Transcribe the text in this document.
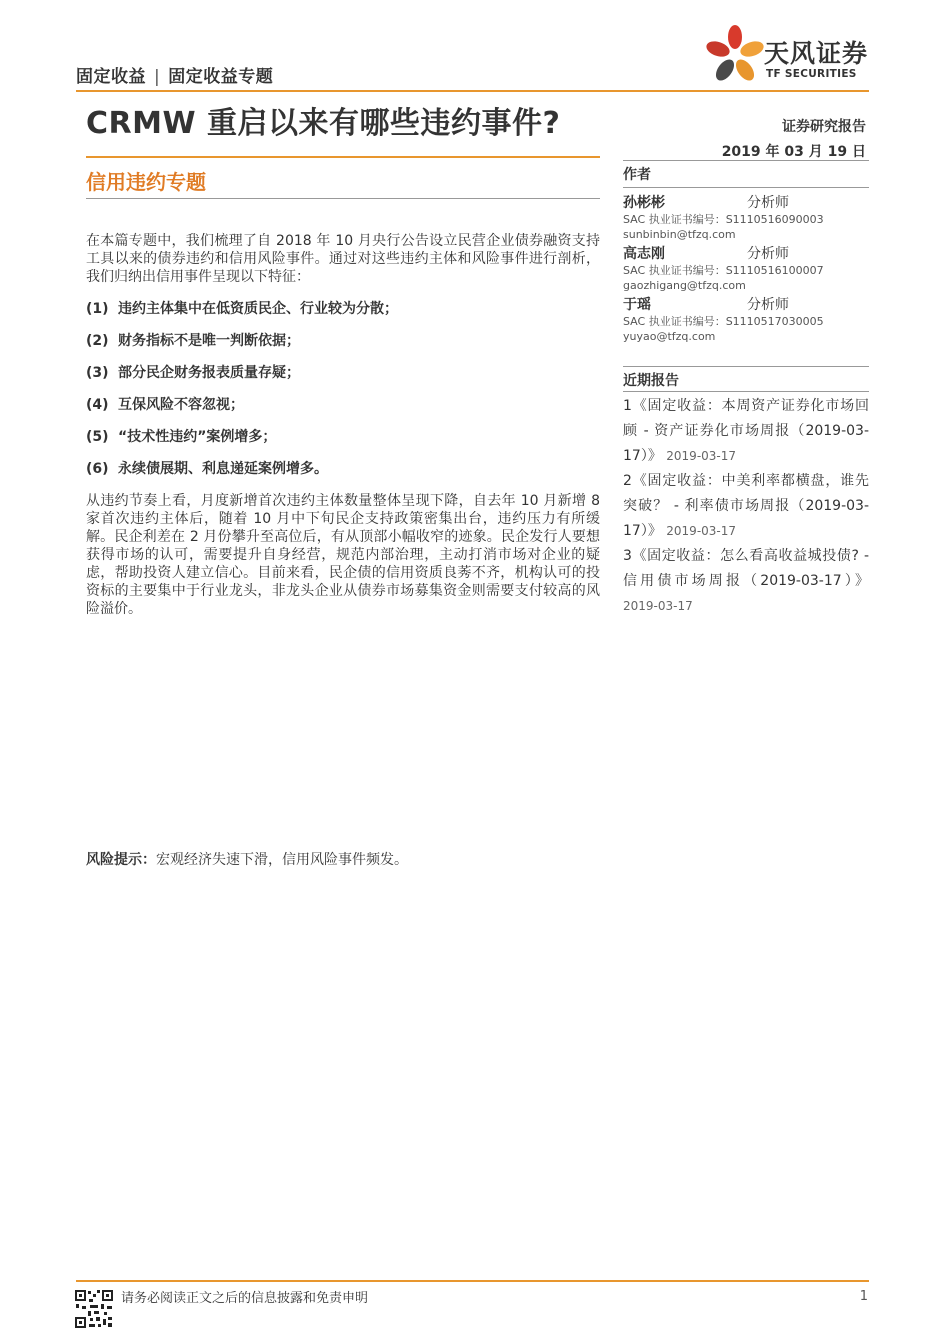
固定收益 | 固定收益专题
天风证券
TF SECURITIES
CRMW 重启以来有哪些违约事件?	证券研究报告
2019 年 03 月 19 日
信用违约专题

在本篇专题中，我们梳理了自 2018 年 10 月央行公告设立民营企业债券融资支持工具以来的债券违约和信用风险事件。通过对这些违约主体和风险事件进行剖析，我们归纳出信用事件呈现以下特征：

(1) 违约主体集中在低资质民企、行业较为分散；
(2) 财务指标不是唯一判断依据；
(3) 部分民企财务报表质量存疑；
(4) 互保风险不容忽视；
(5) “技术性违约”案例增多；
(6) 永续债展期、利息递延案例增多。

从违约节奏上看，月度新增首次违约主体数量整体呈现下降，自去年 10 月新增 8 家首次违约主体后，随着 10 月中下旬民企支持政策密集出台，违约压力有所缓解。民企利差在 2 月份攀升至高位后，有从顶部小幅收窄的迹象。民企发行人要想获得市场的认可，需要提升自身经营，规范内部治理，主动打消市场对企业的疑虑，帮助投资人建立信心。目前来看，民企债的信用资质良莠不齐，机构认可的投资标的主要集中于行业龙头，非龙头企业从债券市场募集资金则需要支付较高的风险溢价。

风险提示：宏观经济失速下滑，信用风险事件频发。
作者
孙彬彬	分析师
SAC 执业证书编号：S1110516090003
sunbinbin@tfzq.com
高志刚	分析师
SAC 执业证书编号：S1110516100007
gaozhigang@tfzq.com
于瑶	分析师
SAC 执业证书编号：S1110517030005
yuyao@tfzq.com
近期报告
1《固定收益：本周资产证券化市场回顾 - 资产证券化市场周报（2019-03-17）》 2019-03-17
2《固定收益：中美利率都横盘，谁先突破？ - 利率债市场周报（2019-03-17）》 2019-03-17
3《固定收益：怎么看高收益城投债? - 信用债市场周报（2019-03-17）》 2019-03-17
请务必阅读正文之后的信息披露和免责申明	1
